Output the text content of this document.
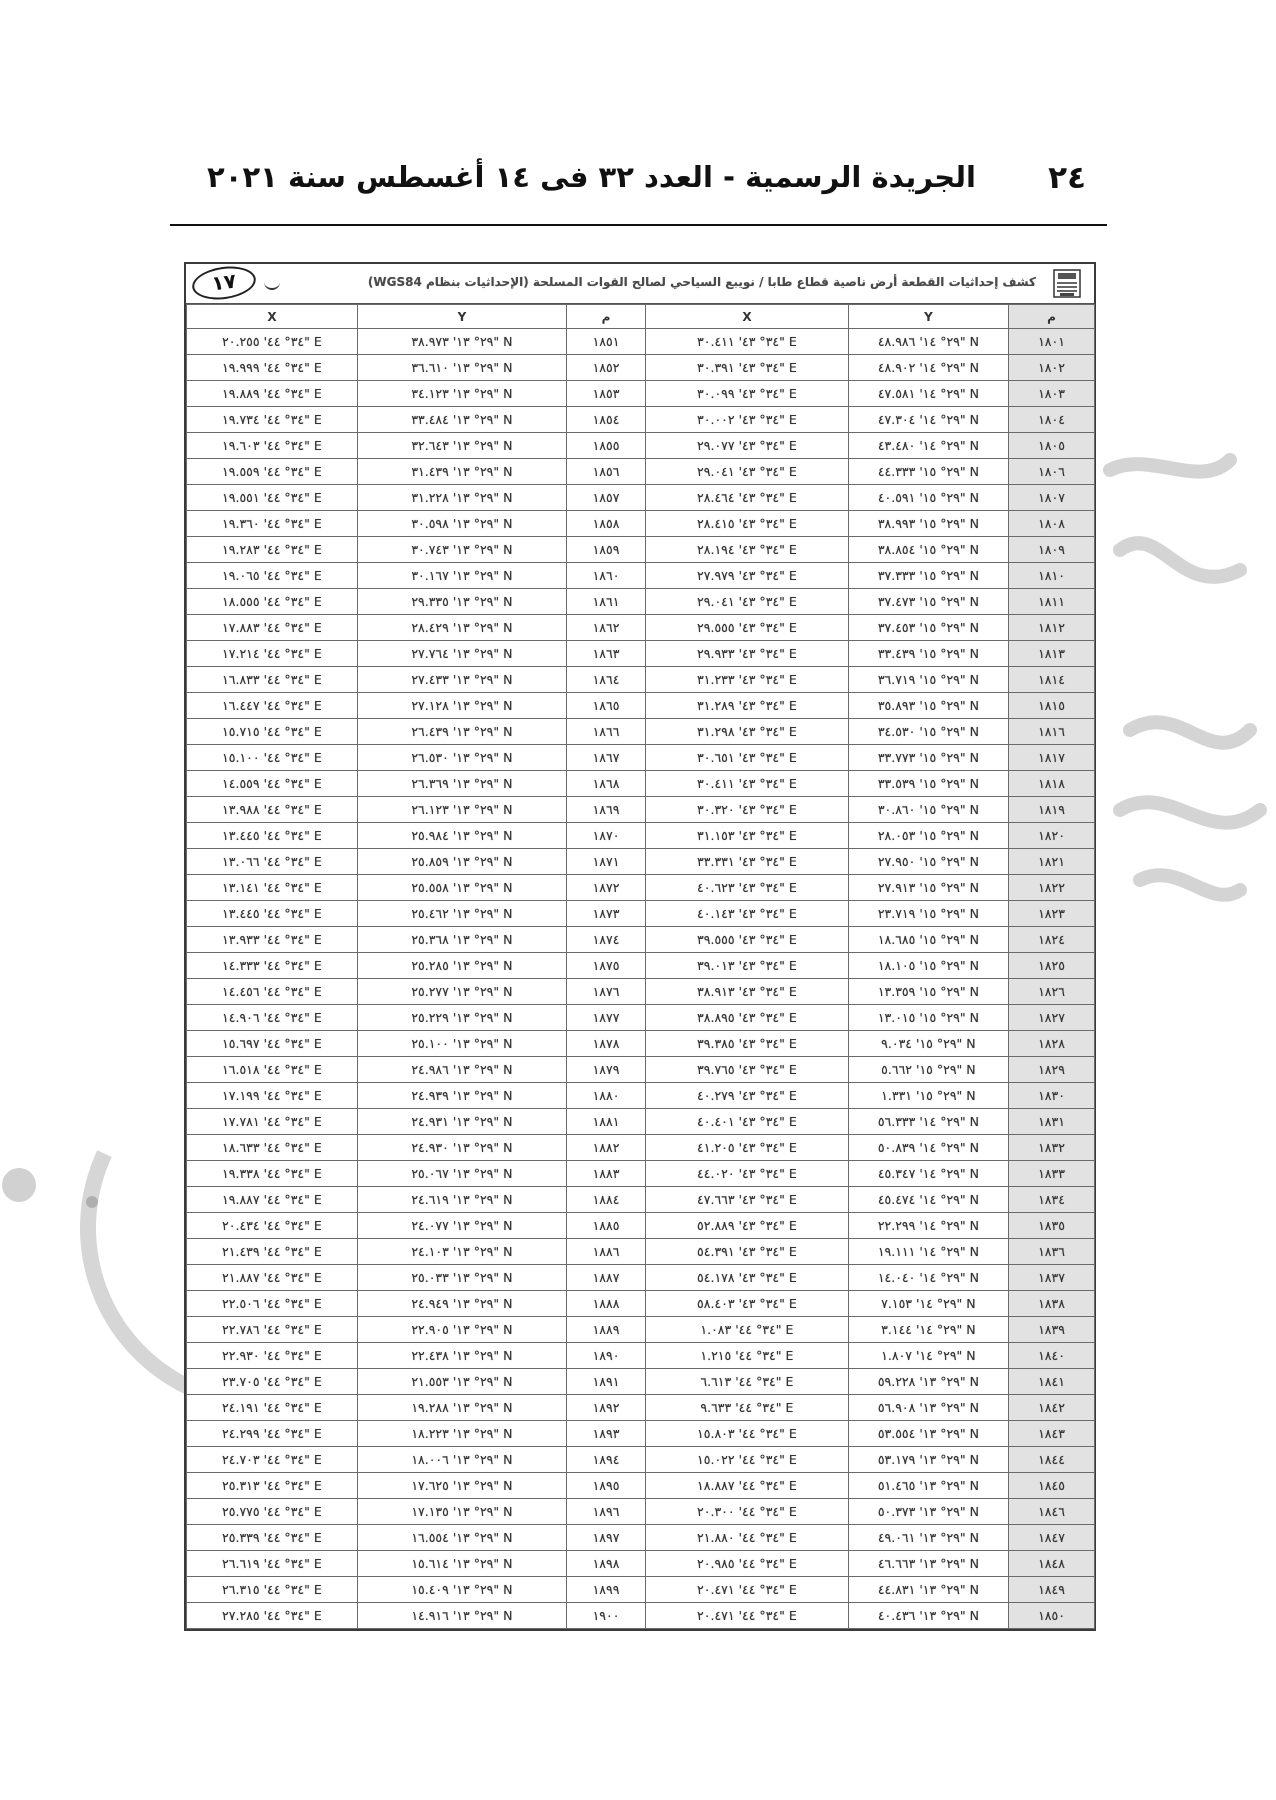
٢٤
الجريدة الرسمية - العدد ٣٢ فى ١٤ أغسطس سنة ٢٠٢١
١٧	كشف إحداثيات القطعة أرض ناصية قطاع طابا / نويبع السياحي لصالح القوات المسلحة (الإحداثيات بنظام WGS84)
X	Y	م	X	Y	م
٣٤° ٤٤' ٢٠.٢٥٥" E	٢٩° ١٣' ٣٨.٩٧٣" N	١٨٥١	٣٤° ٤٣' ٣٠.٤١١" E	٢٩° ١٤' ٤٨.٩٨٦" N	١٨٠١
٣٤° ٤٤' ١٩.٩٩٩" E	٢٩° ١٣' ٣٦.٦١٠" N	١٨٥٢	٣٤° ٤٣' ٣٠.٣٩١" E	٢٩° ١٤' ٤٨.٩٠٢" N	١٨٠٢
٣٤° ٤٤' ١٩.٨٨٩" E	٢٩° ١٣' ٣٤.١٢٣" N	١٨٥٣	٣٤° ٤٣' ٣٠.٠٩٩" E	٢٩° ١٤' ٤٧.٥٨١" N	١٨٠٣
٣٤° ٤٤' ١٩.٧٣٤" E	٢٩° ١٣' ٣٣.٤٨٤" N	١٨٥٤	٣٤° ٤٣' ٣٠.٠٠٢" E	٢٩° ١٤' ٤٧.٣٠٤" N	١٨٠٤
٣٤° ٤٤' ١٩.٦٠٣" E	٢٩° ١٣' ٣٢.٦٤٣" N	١٨٥٥	٣٤° ٤٣' ٢٩.٠٧٧" E	٢٩° ١٤' ٤٣.٤٨٠" N	١٨٠٥
٣٤° ٤٤' ١٩.٥٥٩" E	٢٩° ١٣' ٣١.٤٣٩" N	١٨٥٦	٣٤° ٤٣' ٢٩.٠٤١" E	٢٩° ١٥' ٤٤.٣٣٣" N	١٨٠٦
٣٤° ٤٤' ١٩.٥٥١" E	٢٩° ١٣' ٣١.٢٢٨" N	١٨٥٧	٣٤° ٤٣' ٢٨.٤٦٤" E	٢٩° ١٥' ٤٠.٥٩١" N	١٨٠٧
٣٤° ٤٤' ١٩.٣٦٠" E	٢٩° ١٣' ٣٠.٥٩٨" N	١٨٥٨	٣٤° ٤٣' ٢٨.٤١٥" E	٢٩° ١٥' ٣٨.٩٩٣" N	١٨٠٨
٣٤° ٤٤' ١٩.٢٨٣" E	٢٩° ١٣' ٣٠.٧٤٣" N	١٨٥٩	٣٤° ٤٣' ٢٨.١٩٤" E	٢٩° ١٥' ٣٨.٨٥٤" N	١٨٠٩
٣٤° ٤٤' ١٩.٠٦٥" E	٢٩° ١٣' ٣٠.١٦٧" N	١٨٦٠	٣٤° ٤٣' ٢٧.٩٧٩" E	٢٩° ١٥' ٣٧.٣٣٣" N	١٨١٠
٣٤° ٤٤' ١٨.٥٥٥" E	٢٩° ١٣' ٢٩.٣٣٥" N	١٨٦١	٣٤° ٤٣' ٢٩.٠٤١" E	٢٩° ١٥' ٣٧.٤٧٣" N	١٨١١
٣٤° ٤٤' ١٧.٨٨٣" E	٢٩° ١٣' ٢٨.٤٢٩" N	١٨٦٢	٣٤° ٤٣' ٢٩.٥٥٥" E	٢٩° ١٥' ٣٧.٤٥٣" N	١٨١٢
٣٤° ٤٤' ١٧.٢١٤" E	٢٩° ١٣' ٢٧.٧٦٤" N	١٨٦٣	٣٤° ٤٣' ٢٩.٩٣٣" E	٢٩° ١٥' ٣٣.٤٣٩" N	١٨١٣
٣٤° ٤٤' ١٦.٨٣٣" E	٢٩° ١٣' ٢٧.٤٣٣" N	١٨٦٤	٣٤° ٤٣' ٣١.٢٣٣" E	٢٩° ١٥' ٣٦.٧١٩" N	١٨١٤
٣٤° ٤٤' ١٦.٤٤٧" E	٢٩° ١٣' ٢٧.١٢٨" N	١٨٦٥	٣٤° ٤٣' ٣١.٢٨٩" E	٢٩° ١٥' ٣٥.٨٩٣" N	١٨١٥
٣٤° ٤٤' ١٥.٧١٥" E	٢٩° ١٣' ٢٦.٤٣٩" N	١٨٦٦	٣٤° ٤٣' ٣١.٢٩٨" E	٢٩° ١٥' ٣٤.٥٣٠" N	١٨١٦
٣٤° ٤٤' ١٥.١٠٠" E	٢٩° ١٣' ٢٦.٥٣٠" N	١٨٦٧	٣٤° ٤٣' ٣٠.٦٥١" E	٢٩° ١٥' ٣٣.٧٧٣" N	١٨١٧
٣٤° ٤٤' ١٤.٥٥٩" E	٢٩° ١٣' ٢٦.٣٦٩" N	١٨٦٨	٣٤° ٤٣' ٣٠.٤١١" E	٢٩° ١٥' ٣٣.٥٣٩" N	١٨١٨
٣٤° ٤٤' ١٣.٩٨٨" E	٢٩° ١٣' ٢٦.١٢٣" N	١٨٦٩	٣٤° ٤٣' ٣٠.٣٢٠" E	٢٩° ١٥' ٣٠.٨٦٠" N	١٨١٩
٣٤° ٤٤' ١٣.٤٤٥" E	٢٩° ١٣' ٢٥.٩٨٤" N	١٨٧٠	٣٤° ٤٣' ٣١.١٥٣" E	٢٩° ١٥' ٢٨.٠٥٣" N	١٨٢٠
٣٤° ٤٤' ١٣.٠٦٦" E	٢٩° ١٣' ٢٥.٨٥٩" N	١٨٧١	٣٤° ٤٣' ٣٣.٣٣١" E	٢٩° ١٥' ٢٧.٩٥٠" N	١٨٢١
٣٤° ٤٤' ١٣.١٤١" E	٢٩° ١٣' ٢٥.٥٥٨" N	١٨٧٢	٣٤° ٤٣' ٤٠.٦٢٣" E	٢٩° ١٥' ٢٧.٩١٣" N	١٨٢٢
٣٤° ٤٤' ١٣.٤٤٥" E	٢٩° ١٣' ٢٥.٤٦٢" N	١٨٧٣	٣٤° ٤٣' ٤٠.١٤٣" E	٢٩° ١٥' ٢٣.٧١٩" N	١٨٢٣
٣٤° ٤٤' ١٣.٩٣٣" E	٢٩° ١٣' ٢٥.٣٦٨" N	١٨٧٤	٣٤° ٤٣' ٣٩.٥٥٥" E	٢٩° ١٥' ١٨.٦٨٥" N	١٨٢٤
٣٤° ٤٤' ١٤.٣٣٣" E	٢٩° ١٣' ٢٥.٢٨٥" N	١٨٧٥	٣٤° ٤٣' ٣٩.٠١٣" E	٢٩° ١٥' ١٨.١٠٥" N	١٨٢٥
٣٤° ٤٤' ١٤.٤٥٦" E	٢٩° ١٣' ٢٥.٢٧٧" N	١٨٧٦	٣٤° ٤٣' ٣٨.٩١٣" E	٢٩° ١٥' ١٣.٣٥٩" N	١٨٢٦
٣٤° ٤٤' ١٤.٩٠٦" E	٢٩° ١٣' ٢٥.٢٢٩" N	١٨٧٧	٣٤° ٤٣' ٣٨.٨٩٥" E	٢٩° ١٥' ١٣.٠١٥" N	١٨٢٧
٣٤° ٤٤' ١٥.٦٩٧" E	٢٩° ١٣' ٢٥.١٠٠" N	١٨٧٨	٣٤° ٤٣' ٣٩.٣٨٥" E	٢٩° ١٥' ٩.٠٣٤" N	١٨٢٨
٣٤° ٤٤' ١٦.٥١٨" E	٢٩° ١٣' ٢٤.٩٨٦" N	١٨٧٩	٣٤° ٤٣' ٣٩.٧٦٥" E	٢٩° ١٥' ٥.٦٦٢" N	١٨٢٩
٣٤° ٤٤' ١٧.١٩٩" E	٢٩° ١٣' ٢٤.٩٣٩" N	١٨٨٠	٣٤° ٤٣' ٤٠.٢٧٩" E	٢٩° ١٥' ١.٣٣١" N	١٨٣٠
٣٤° ٤٤' ١٧.٧٨١" E	٢٩° ١٣' ٢٤.٩٣١" N	١٨٨١	٣٤° ٤٣' ٤٠.٤٠١" E	٢٩° ١٤' ٥٦.٣٣٣" N	١٨٣١
٣٤° ٤٤' ١٨.٦٣٣" E	٢٩° ١٣' ٢٤.٩٣٠" N	١٨٨٢	٣٤° ٤٣' ٤١.٢٠٥" E	٢٩° ١٤' ٥٠.٨٣٩" N	١٨٣٢
٣٤° ٤٤' ١٩.٣٣٨" E	٢٩° ١٣' ٢٥.٠٦٧" N	١٨٨٣	٣٤° ٤٣' ٤٤.٠٢٠" E	٢٩° ١٤' ٤٥.٣٤٧" N	١٨٣٣
٣٤° ٤٤' ١٩.٨٨٧" E	٢٩° ١٣' ٢٤.٦١٩" N	١٨٨٤	٣٤° ٤٣' ٤٧.٦٦٣" E	٢٩° ١٤' ٤٥.٤٧٤" N	١٨٣٤
٣٤° ٤٤' ٢٠.٤٣٤" E	٢٩° ١٣' ٢٤.٠٧٧" N	١٨٨٥	٣٤° ٤٣' ٥٢.٨٨٩" E	٢٩° ١٤' ٢٢.٢٩٩" N	١٨٣٥
٣٤° ٤٤' ٢١.٤٣٩" E	٢٩° ١٣' ٢٤.١٠٣" N	١٨٨٦	٣٤° ٤٣' ٥٤.٣٩١" E	٢٩° ١٤' ١٩.١١١" N	١٨٣٦
٣٤° ٤٤' ٢١.٨٨٧" E	٢٩° ١٣' ٢٥.٠٣٣" N	١٨٨٧	٣٤° ٤٣' ٥٤.١٧٨" E	٢٩° ١٤' ١٤.٠٤٠" N	١٨٣٧
٣٤° ٤٤' ٢٢.٥٠٦" E	٢٩° ١٣' ٢٤.٩٤٩" N	١٨٨٨	٣٤° ٤٣' ٥٨.٤٠٣" E	٢٩° ١٤' ٧.١٥٣" N	١٨٣٨
٣٤° ٤٤' ٢٢.٧٨٦" E	٢٩° ١٣' ٢٢.٩٠٥" N	١٨٨٩	٣٤° ٤٤' ١.٠٨٣" E	٢٩° ١٤' ٣.١٤٤" N	١٨٣٩
٣٤° ٤٤' ٢٢.٩٣٠" E	٢٩° ١٣' ٢٢.٤٣٨" N	١٨٩٠	٣٤° ٤٤' ١.٢١٥" E	٢٩° ١٤' ١.٨٠٧" N	١٨٤٠
٣٤° ٤٤' ٢٣.٧٠٥" E	٢٩° ١٣' ٢١.٥٥٣" N	١٨٩١	٣٤° ٤٤' ٦.٦١٣" E	٢٩° ١٣' ٥٩.٢٢٨" N	١٨٤١
٣٤° ٤٤' ٢٤.١٩١" E	٢٩° ١٣' ١٩.٢٨٨" N	١٨٩٢	٣٤° ٤٤' ٩.٦٣٣" E	٢٩° ١٣' ٥٦.٩٠٨" N	١٨٤٢
٣٤° ٤٤' ٢٤.٢٩٩" E	٢٩° ١٣' ١٨.٢٢٣" N	١٨٩٣	٣٤° ٤٤' ١٥.٨٠٣" E	٢٩° ١٣' ٥٣.٥٥٤" N	١٨٤٣
٣٤° ٤٤' ٢٤.٧٠٣" E	٢٩° ١٣' ١٨.٠٠٦" N	١٨٩٤	٣٤° ٤٤' ١٥.٠٢٢" E	٢٩° ١٣' ٥٣.١٧٩" N	١٨٤٤
٣٤° ٤٤' ٢٥.٣١٣" E	٢٩° ١٣' ١٧.٦٢٥" N	١٨٩٥	٣٤° ٤٤' ١٨.٨٨٧" E	٢٩° ١٣' ٥١.٤٦٥" N	١٨٤٥
٣٤° ٤٤' ٢٥.٧٧٥" E	٢٩° ١٣' ١٧.١٣٥" N	١٨٩٦	٣٤° ٤٤' ٢٠.٣٠٠" E	٢٩° ١٣' ٥٠.٣٧٣" N	١٨٤٦
٣٤° ٤٤' ٢٥.٣٣٩" E	٢٩° ١٣' ١٦.٥٥٤" N	١٨٩٧	٣٤° ٤٤' ٢١.٨٨٠" E	٢٩° ١٣' ٤٩.٠٦١" N	١٨٤٧
٣٤° ٤٤' ٢٦.٦١٩" E	٢٩° ١٣' ١٥.٦١٤" N	١٨٩٨	٣٤° ٤٤' ٢٠.٩٨٥" E	٢٩° ١٣' ٤٦.٦٦٣" N	١٨٤٨
٣٤° ٤٤' ٢٦.٣١٥" E	٢٩° ١٣' ١٥.٤٠٩" N	١٨٩٩	٣٤° ٤٤' ٢٠.٤٧١" E	٢٩° ١٣' ٤٤.٨٣١" N	١٨٤٩
٣٤° ٤٤' ٢٧.٢٨٥" E	٢٩° ١٣' ١٤.٩١٦" N	١٩٠٠	٣٤° ٤٤' ٢٠.٤٧١" E	٢٩° ١٣' ٤٠.٤٣٦" N	١٨٥٠
